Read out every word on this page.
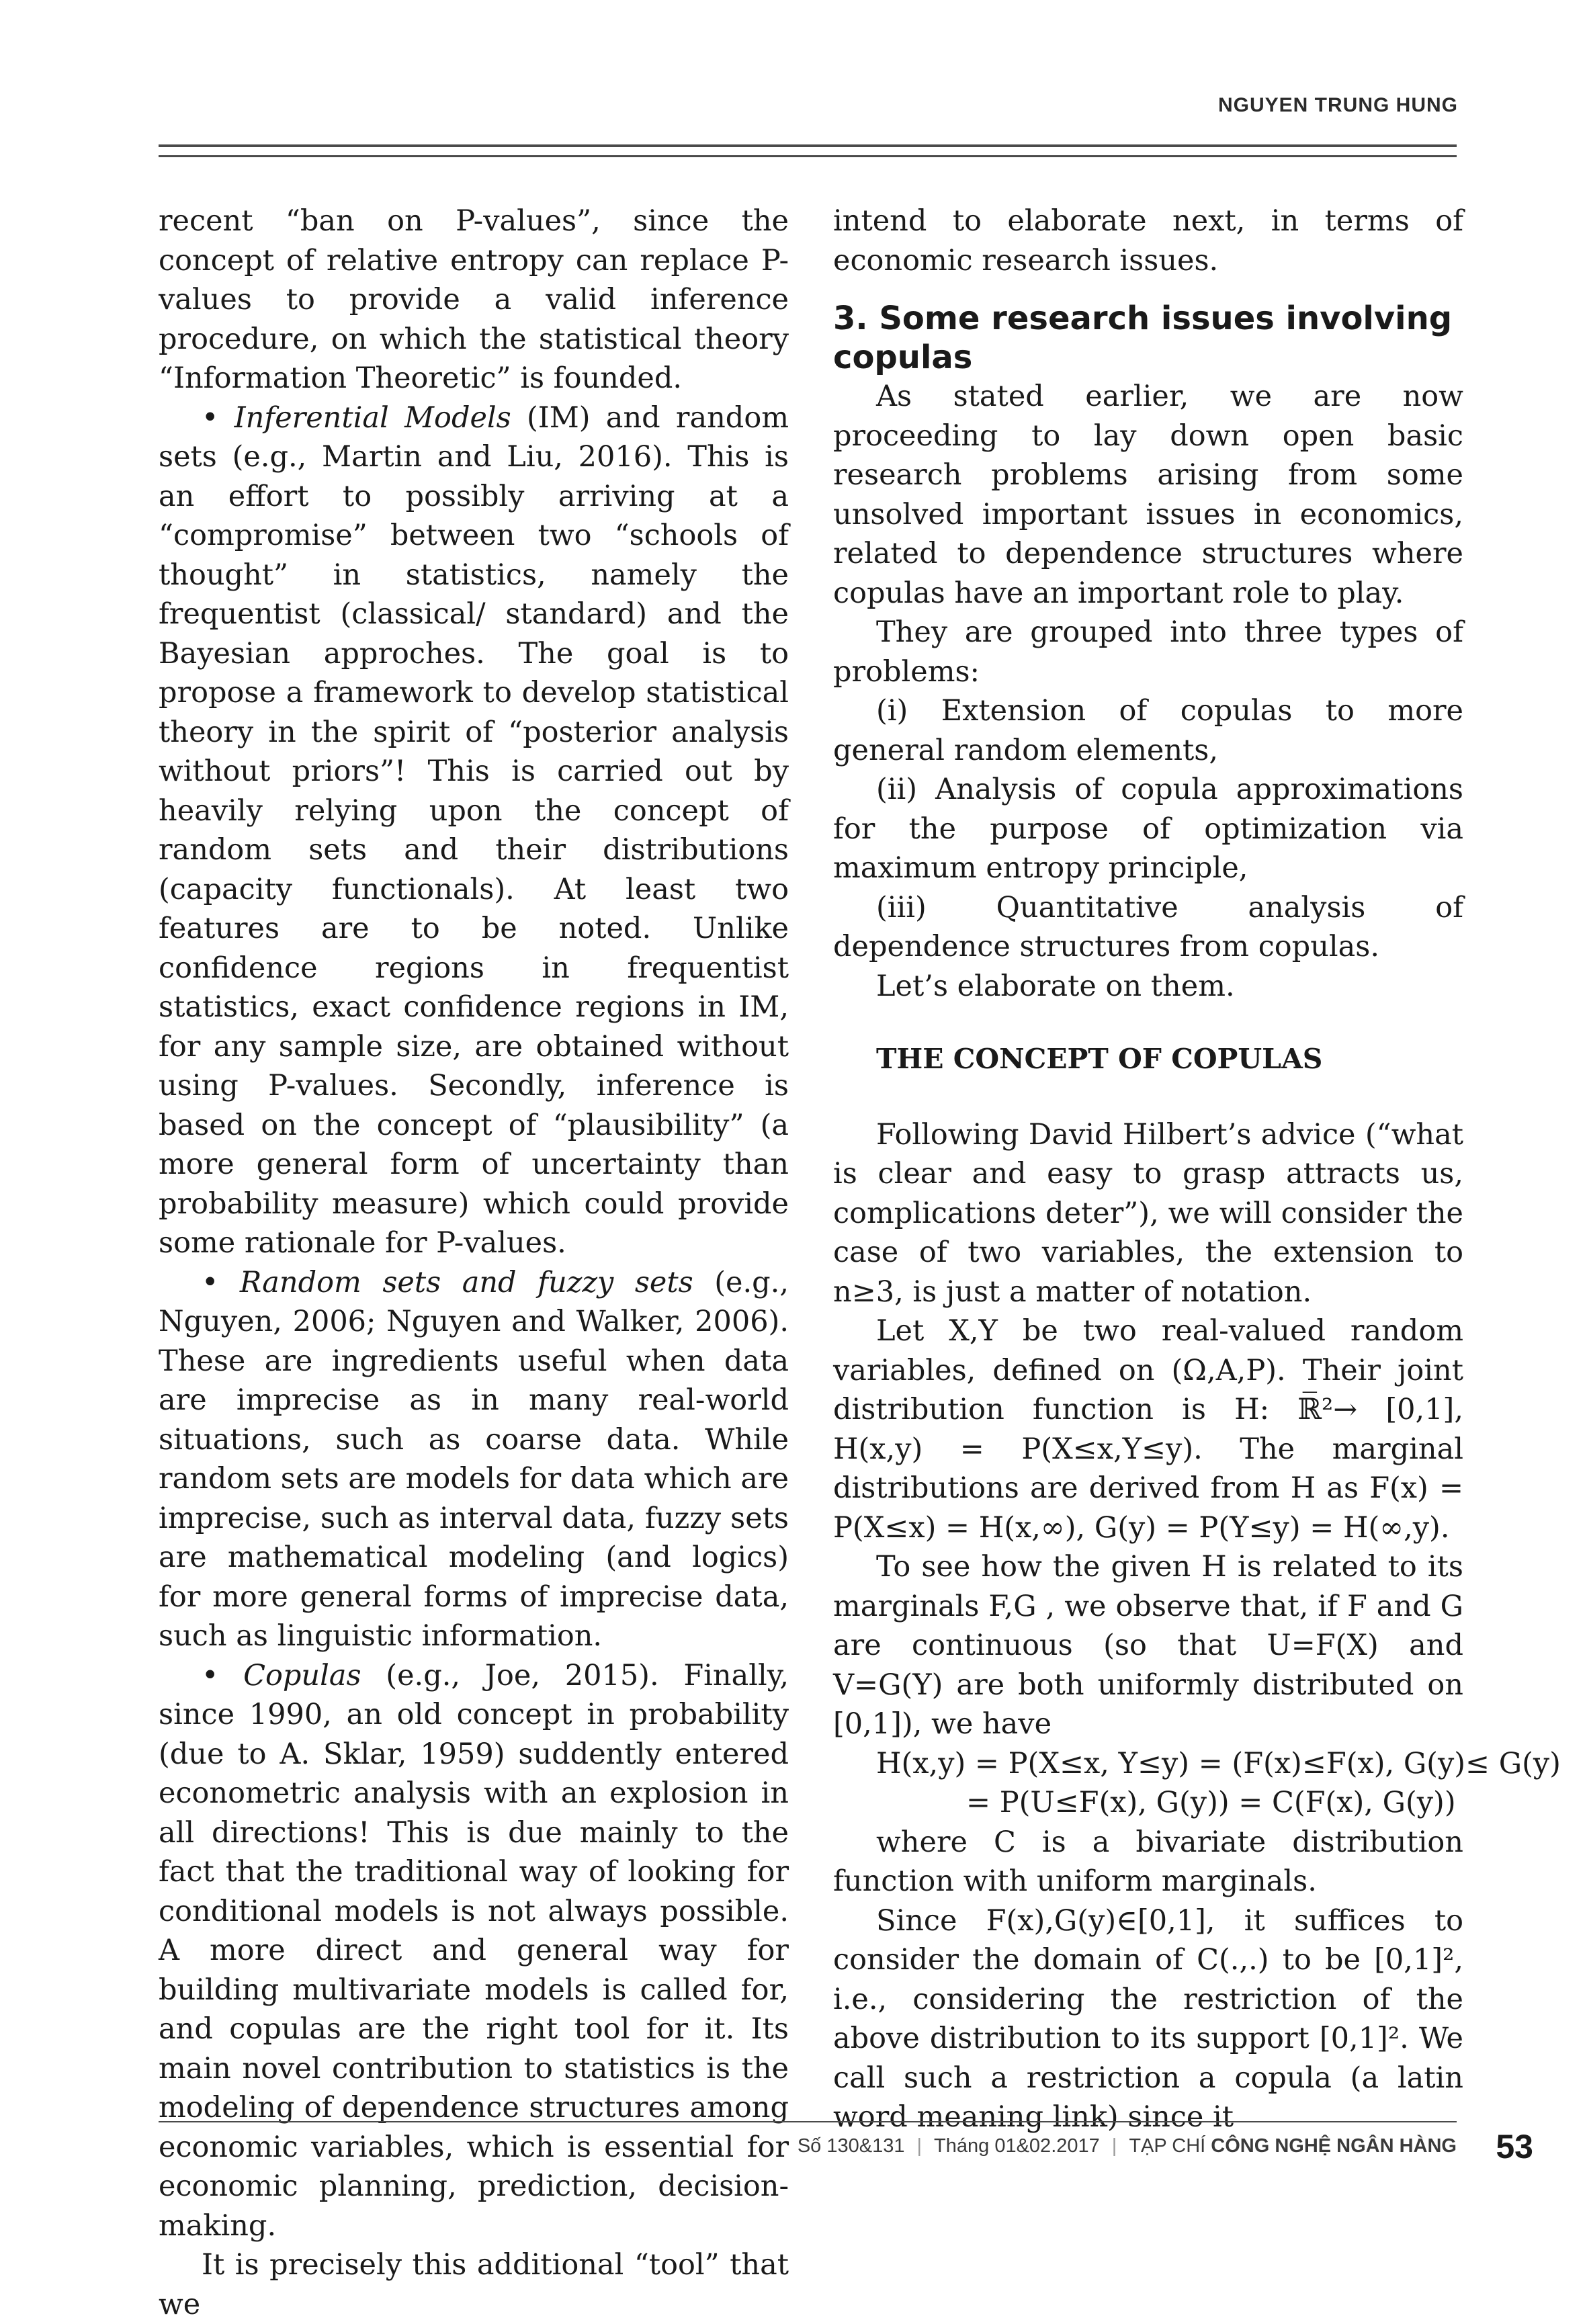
NGUYEN TRUNG HUNG

recent “ban on P-values”, since the concept of relative entropy can replace P-values to provide a valid inference procedure, on which the statistical theory “Information Theoretic” is founded.

• Inferential Models (IM) and random sets (e.g., Martin and Liu, 2016). This is an effort to possibly arriving at a “compromise” between two “schools of thought” in statistics, namely the frequentist (classical/ standard) and the Bayesian approches. The goal is to propose a framework to develop statistical theory in the spirit of “posterior analysis without priors”! This is carried out by heavily relying upon the concept of random sets and their distributions (capacity functionals). At least two features are to be noted. Unlike confidence regions in frequentist statistics, exact confidence regions in IM, for any sample size, are obtained without using P-values. Secondly, inference is based on the concept of “plausibility” (a more general form of uncertainty than probability measure) which could provide some rationale for P-values.

• Random sets and fuzzy sets (e.g., Nguyen, 2006; Nguyen and Walker, 2006). These are ingredients useful when data are imprecise as in many real-world situations, such as coarse data. While random sets are models for data which are imprecise, such as interval data, fuzzy sets are mathematical modeling (and logics) for more general forms of imprecise data, such as linguistic information.

• Copulas (e.g., Joe, 2015). Finally, since 1990, an old concept in probability (due to A. Sklar, 1959) suddently entered econometric analysis with an explosion in all directions! This is due mainly to the fact that the traditional way of looking for conditional models is not always possible. A more direct and general way for building multivariate models is called for, and copulas are the right tool for it. Its main novel contribution to statistics is the modeling of dependence structures among economic variables, which is essential for economic planning, prediction, decision-making.

It is precisely this additional “tool” that we

intend to elaborate next, in terms of economic research issues.

3. Some research issues involving copulas

As stated earlier, we are now proceeding to lay down open basic research problems arising from some unsolved important issues in economics, related to dependence structures where copulas have an important role to play.

They are grouped into three types of problems:

(i) Extension of copulas to more general random elements,

(ii) Analysis of copula approximations for the purpose of optimization via maximum entropy principle,

(iii) Quantitative analysis of dependence structures from copulas.

Let’s elaborate on them.

THE CONCEPT OF COPULAS

Following David Hilbert’s advice (“what is clear and easy to grasp attracts us, complications deter”), we will consider the case of two variables, the extension to n≥3, is just a matter of notation.

Let X,Y be two real-valued random variables, defined on (Ω,A,P). Their joint distribution function is H: ℝ̅²→ [0,1], H(x,y) = P(X≤x,Y≤y). The marginal distributions are derived from H as F(x) = P(X≤x) = H(x,∞), G(y) = P(Y≤y) = H(∞,y).

To see how the given H is related to its marginals F,G , we observe that, if F and G are continuous (so that U=F(X) and V=G(Y) are both uniformly distributed on [0,1]), we have

H(x,y) = P(X≤x, Y≤y) = (F(x)≤F(x), G(y)≤ G(y)

= P(U≤F(x), G(y)) = C(F(x), G(y))

where C is a bivariate distribution function with uniform marginals.

Since F(x),G(y)∈[0,1], it suffices to consider the domain of C(.,.) to be [0,1]², i.e., considering the restriction of the above distribution to its support [0,1]². We call such a restriction a copula (a latin word meaning link) since it

Số 130&131 | Tháng 01&02.2017 | TẠP CHÍ
CÔNG NGHỆ NGÂN HÀNG 53
